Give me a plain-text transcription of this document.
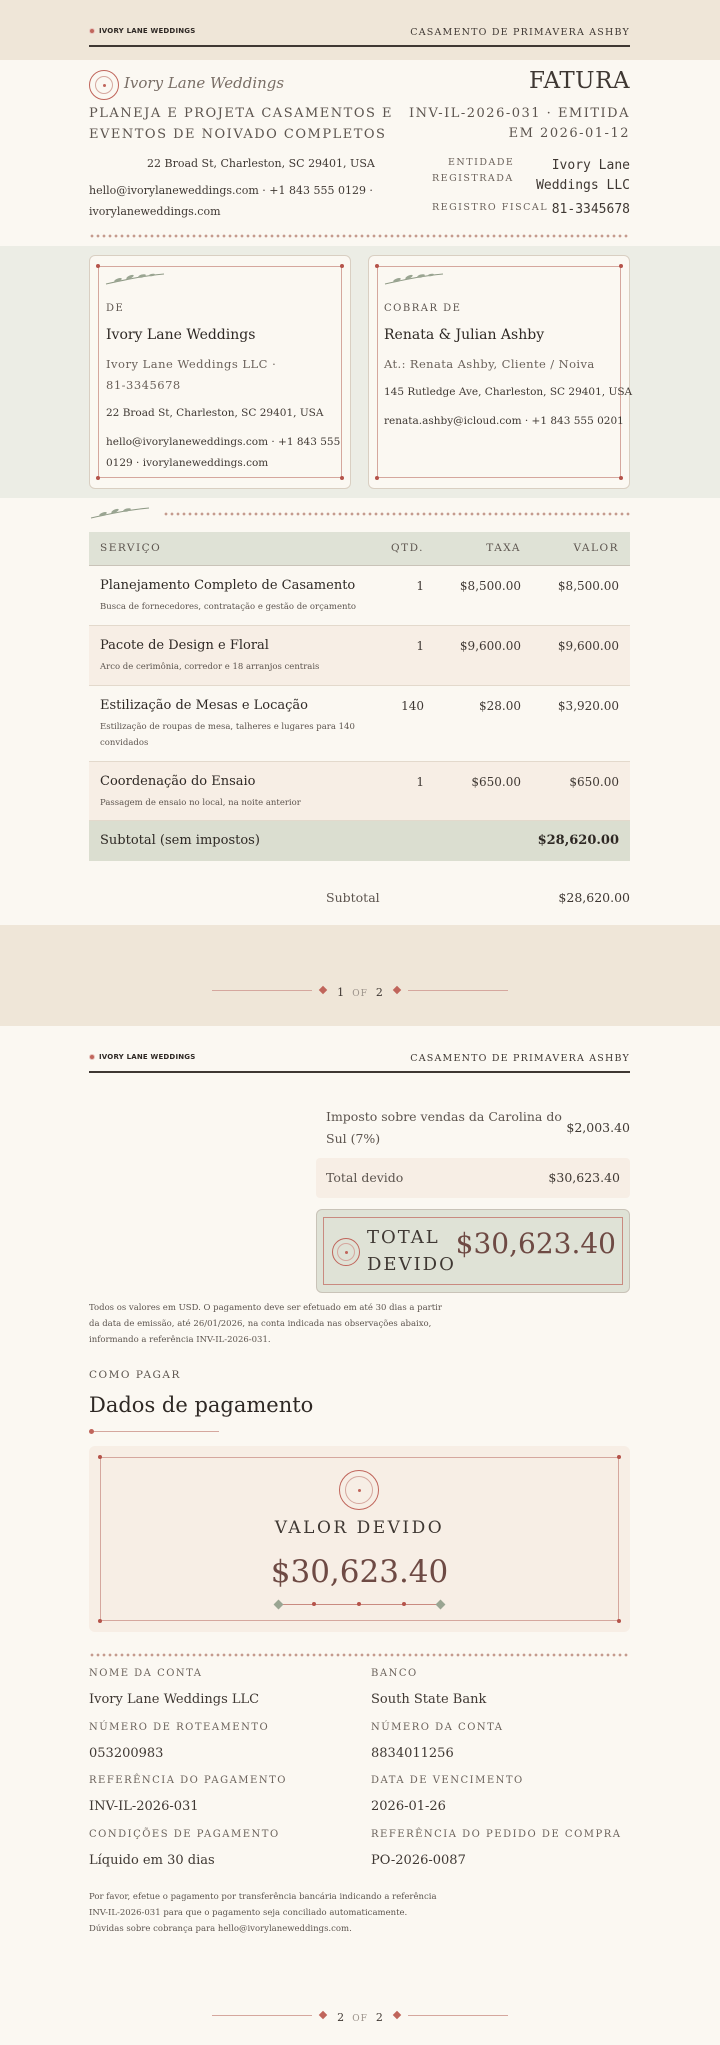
IVORY LANE WEDDINGS	CASAMENTO DE PRIMAVERA ASHBY
Ivory Lane Weddings
PLANEJA E PROJETA CASAMENTOS E
EVENTOS DE NOIVADO COMPLETOS
22 Broad St, Charleston, SC 29401, USA
hello@ivorylaneweddings.com · +1 843 555 0129 ·
ivorylaneweddings.com
FATURA
INV-IL-2026-031 · EMITIDA
EM 2026-01-12
ENTIDADE
REGISTRADA
Ivory Lane
Weddings LLC
REGISTRO FISCAL 81-3345678
DE
Ivory Lane Weddings
Ivory Lane Weddings LLC ·
81-3345678
22 Broad St, Charleston, SC 29401, USA
hello@ivorylaneweddings.com · +1 843 555
0129 · ivorylaneweddings.com
COBRAR DE
Renata & Julian Ashby
At.: Renata Ashby, Cliente / Noiva
145 Rutledge Ave, Charleston, SC 29401, USA
renata.ashby@icloud.com · +1 843 555 0201
SERVIÇO	QTD.	TAXA	VALOR
Planejamento Completo de Casamento
Busca de fornecedores, contratação e gestão de orçamento
1	$8,500.00	$8,500.00
Pacote de Design e Floral
Arco de cerimônia, corredor e 18 arranjos centrais
1	$9,600.00	$9,600.00
Estilização de Mesas e Locação
Estilização de roupas de mesa, talheres e lugares para 140
convidados
140	$28.00	$3,920.00
Coordenação do Ensaio
Passagem de ensaio no local, na noite anterior
1	$650.00	$650.00
Subtotal (sem impostos)	$28,620.00
Subtotal	$28,620.00
1 OF 2
IVORY LANE WEDDINGS	CASAMENTO DE PRIMAVERA ASHBY
Imposto sobre vendas da Carolina do
Sul (7%)
$2,003.40
Total devido	$30,623.40
TOTAL
DEVIDO
$30,623.40
Todos os valores em USD. O pagamento deve ser efetuado em até 30 dias a partir
da data de emissão, até 26/01/2026, na conta indicada nas observações abaixo,
informando a referência INV-IL-2026-031.
COMO PAGAR
Dados de pagamento
VALOR DEVIDO
$30,623.40
NOME DA CONTA
Ivory Lane Weddings LLC
BANCO
South State Bank
NÚMERO DE ROTEAMENTO
053200983
NÚMERO DA CONTA
8834011256
REFERÊNCIA DO PAGAMENTO
INV-IL-2026-031
DATA DE VENCIMENTO
2026-01-26
CONDIÇÕES DE PAGAMENTO
Líquido em 30 dias
REFERÊNCIA DO PEDIDO DE COMPRA
PO-2026-0087
Por favor, efetue o pagamento por transferência bancária indicando a referência
INV-IL-2026-031 para que o pagamento seja conciliado automaticamente.
Dúvidas sobre cobrança para hello@ivorylaneweddings.com.
2 OF 2
